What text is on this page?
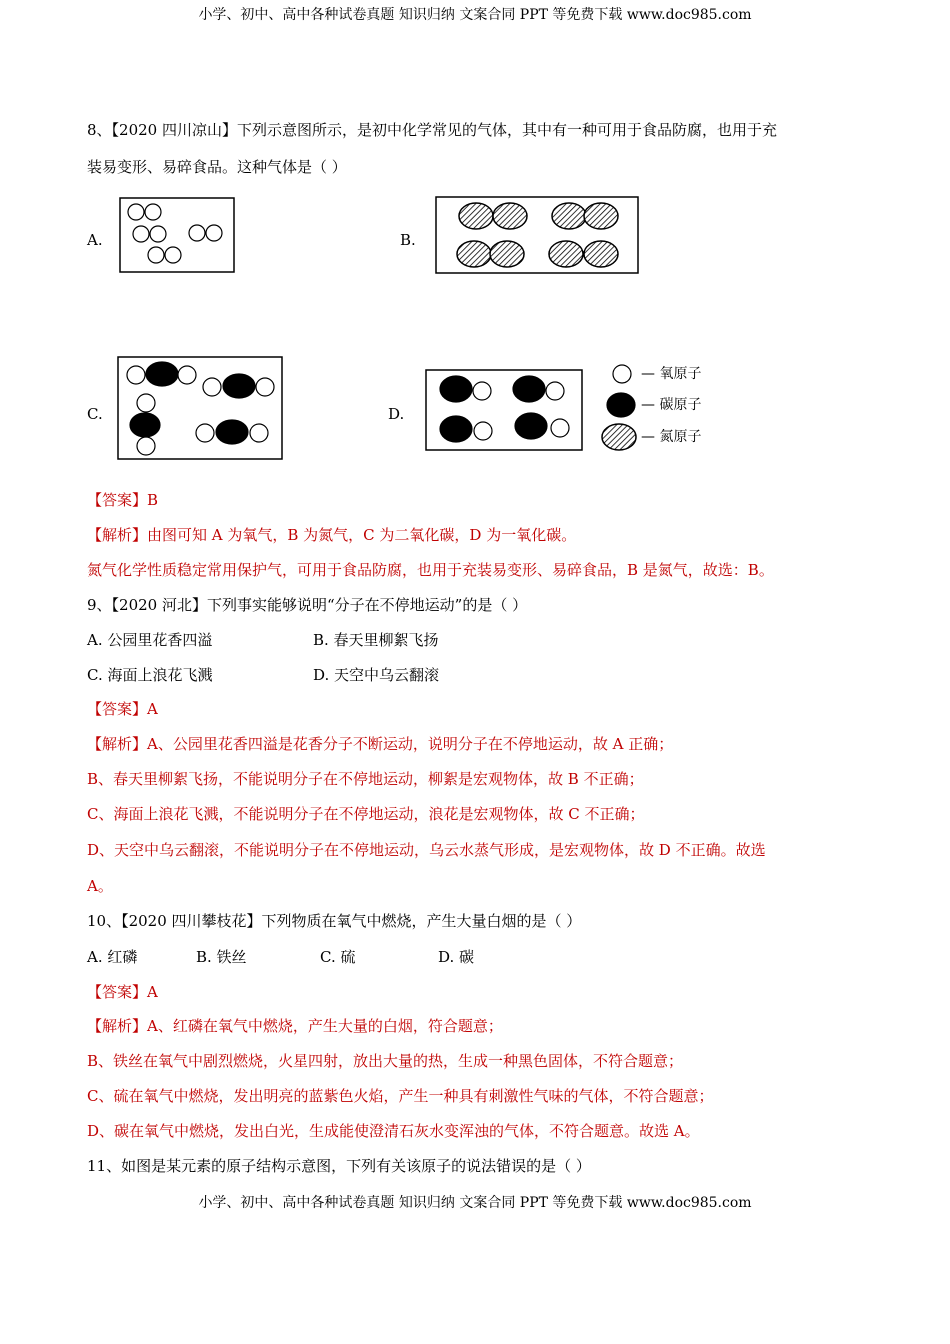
小学、初中、高中各种试卷真题 知识归纳 文案合同 PPT 等免费下载 www.doc985.com
8、【2020 四川凉山】下列示意图所示，是初中化学常见的气体，其中有一种可用于食品防腐，也用于充
装易变形、易碎食品。这种气体是（ ）
A.	B.
C.	D.
— 氧原子
— 碳原子
— 氮原子
【答案】B
【解析】由图可知 A 为氧气，B 为氮气，C 为二氧化碳，D 为一氧化碳。
氮气化学性质稳定常用保护气，可用于食品防腐，也用于充装易变形、易碎食品，B 是氮气，故选：B。
9、【2020 河北】下列事实能够说明“分子在不停地运动”的是（ ）
A. 公园里花香四溢	B. 春天里柳絮飞扬
C. 海面上浪花飞溅	D. 天空中乌云翻滚
【答案】A
【解析】A、公园里花香四溢是花香分子不断运动，说明分子在不停地运动，故 A 正确；
B、春天里柳絮飞扬，不能说明分子在不停地运动，柳絮是宏观物体，故 B 不正确；
C、海面上浪花飞溅，不能说明分子在不停地运动，浪花是宏观物体，故 C 不正确；
D、天空中乌云翻滚，不能说明分子在不停地运动，乌云水蒸气形成，是宏观物体，故 D 不正确。故选
A。
10、【2020 四川攀枝花】下列物质在氧气中燃烧，产生大量白烟的是（ ）
A. 红磷	B. 铁丝	C. 硫	D. 碳
【答案】A
【解析】A、红磷在氧气中燃烧，产生大量的白烟，符合题意；
B、铁丝在氧气中剧烈燃烧，火星四射，放出大量的热，生成一种黑色固体，不符合题意；
C、硫在氧气中燃烧，发出明亮的蓝紫色火焰，产生一种具有刺激性气味的气体，不符合题意；
D、碳在氧气中燃烧，发出白光，生成能使澄清石灰水变浑浊的气体，不符合题意。故选 A。
11、如图是某元素的原子结构示意图，下列有关该原子的说法错误的是（ ）
小学、初中、高中各种试卷真题 知识归纳 文案合同 PPT 等免费下载 www.doc985.com
